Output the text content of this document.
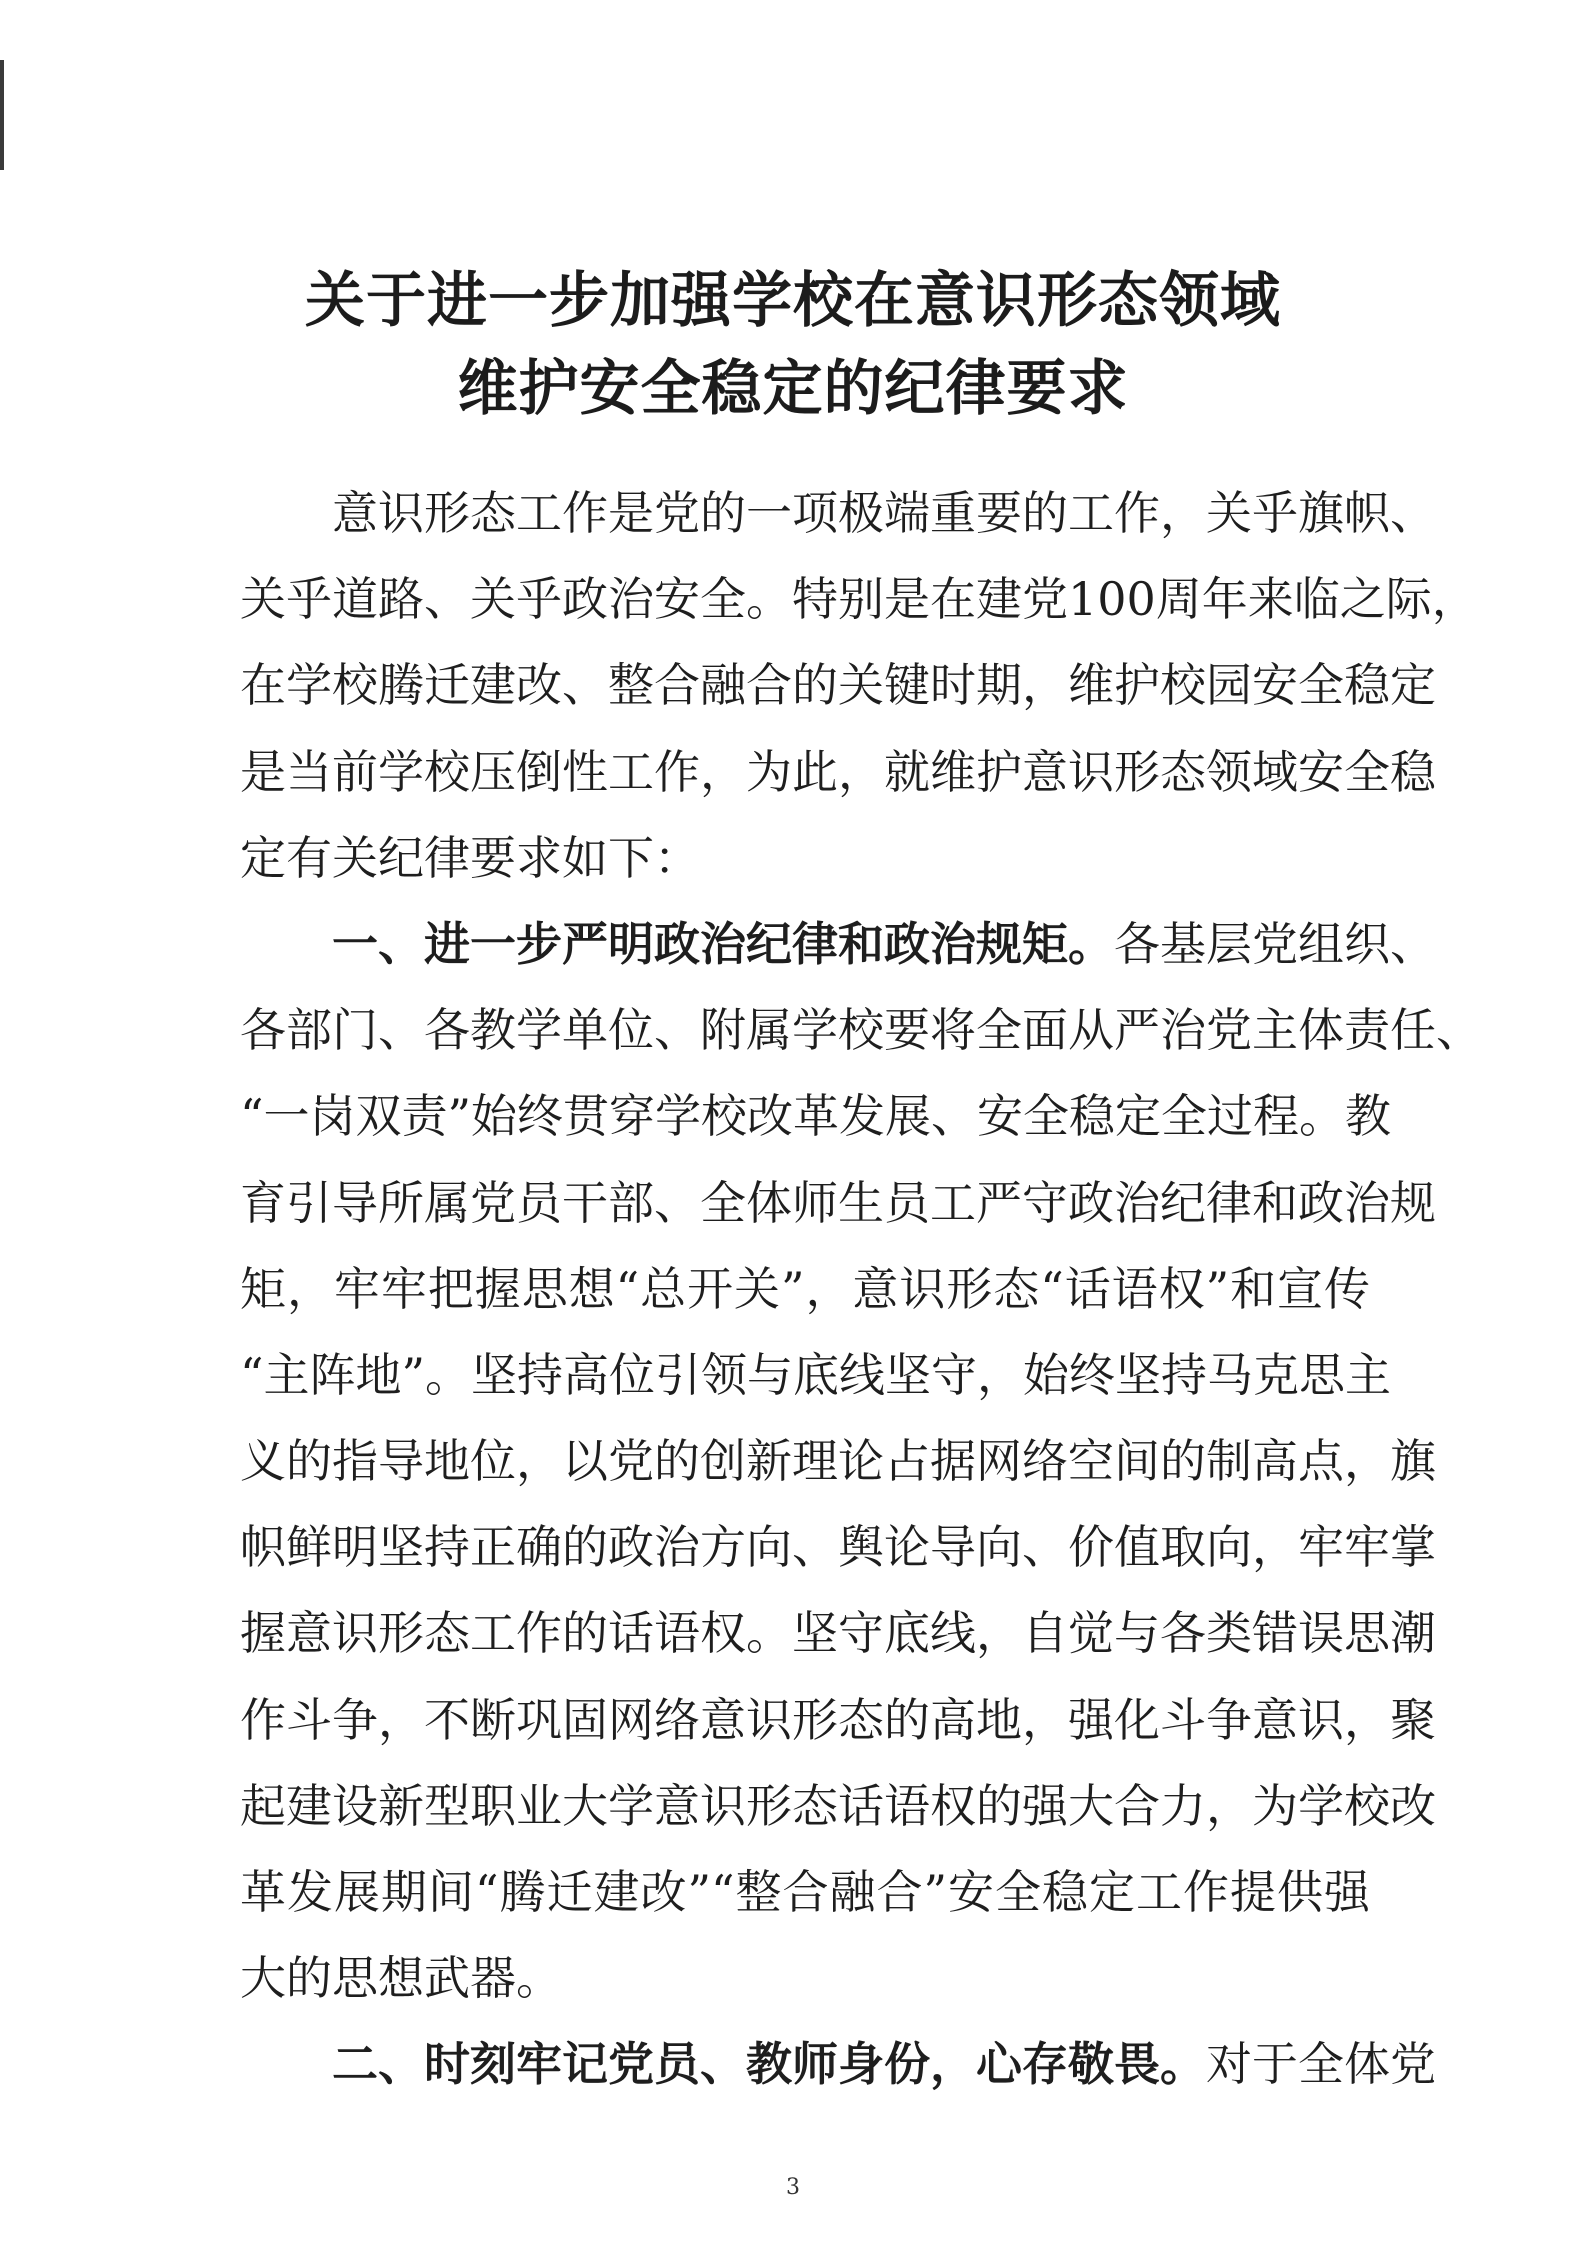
关于进一步加强学校在意识形态领域
维护安全稳定的纪律要求
　　意识形态工作是党的一项极端重要的工作，关乎旗帜、
关乎道路、关乎政治安全。特别是在建党100周年来临之际，
在学校腾迁建改、整合融合的关键时期，维护校园安全稳定
是当前学校压倒性工作，为此，就维护意识形态领域安全稳
定有关纪律要求如下：
　　一、进一步严明政治纪律和政治规矩。各基层党组织、
各部门、各教学单位、附属学校要将全面从严治党主体责任、
“一岗双责”始终贯穿学校改革发展、安全稳定全过程。教
育引导所属党员干部、全体师生员工严守政治纪律和政治规
矩，牢牢把握思想“总开关”，意识形态“话语权”和宣传
“主阵地”。坚持高位引领与底线坚守，始终坚持马克思主
义的指导地位，以党的创新理论占据网络空间的制高点，旗
帜鲜明坚持正确的政治方向、舆论导向、价值取向，牢牢掌
握意识形态工作的话语权。坚守底线，自觉与各类错误思潮
作斗争，不断巩固网络意识形态的高地，强化斗争意识，聚
起建设新型职业大学意识形态话语权的强大合力，为学校改
革发展期间“腾迁建改”“整合融合”安全稳定工作提供强
大的思想武器。
　　二、时刻牢记党员、教师身份，心存敬畏。对于全体党
3
